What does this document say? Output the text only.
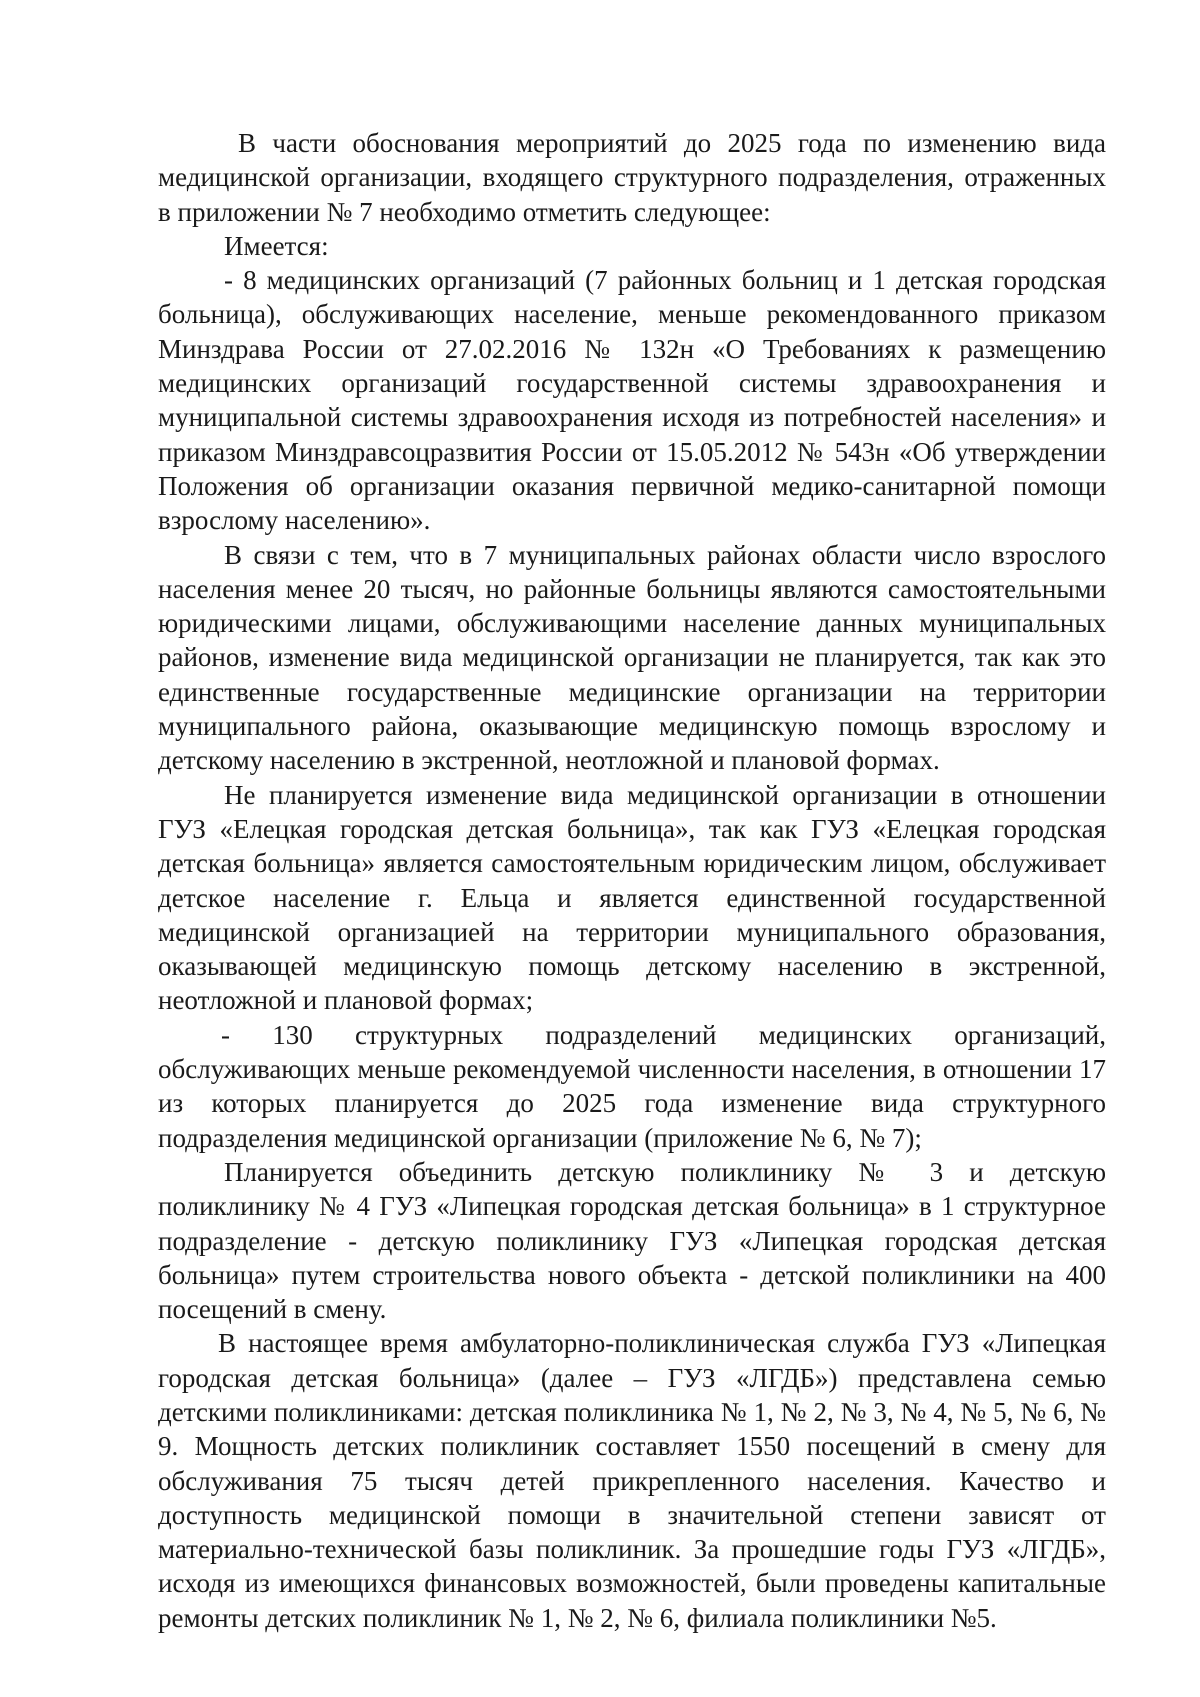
В части обоснования мероприятий до 2025 года по изменению вида медицинской организации, входящего структурного подразделения, отраженных в приложении № 7 необходимо отметить следующее:

Имеется:

- 8 медицинских организаций (7 районных больниц и 1 детская городская больница), обслуживающих население, меньше рекомендованного приказом Минздрава России от 27.02.2016 № 132н «О Требованиях к размещению медицинских организаций государственной системы здравоохранения и муниципальной системы здравоохранения исходя из потребностей населения» и приказом Минздравсоцразвития России от 15.05.2012 № 543н «Об утверждении Положения об организации оказания первичной медико-санитарной помощи взрослому населению».

В связи с тем, что в 7 муниципальных районах области число взрослого населения менее 20 тысяч, но районные больницы являются самостоятельными юридическими лицами, обслуживающими население данных муниципальных районов, изменение вида медицинской организации не планируется, так как это единственные государственные медицинские организации на территории муниципального района, оказывающие медицинскую помощь взрослому и детскому населению в экстренной, неотложной и плановой формах.

Не планируется изменение вида медицинской организации в отношении ГУЗ «Елецкая городская детская больница», так как ГУЗ «Елецкая городская детская больница» является самостоятельным юридическим лицом, обслуживает детское население г. Ельца и является единственной государственной медицинской организацией на территории муниципального образования, оказывающей медицинскую помощь детскому населению в экстренной, неотложной и плановой формах;

- 130 структурных подразделений медицинских организаций, обслуживающих меньше рекомендуемой численности населения, в отношении 17 из которых планируется до 2025 года изменение вида структурного подразделения медицинской организации (приложение № 6, № 7);

Планируется объединить детскую поликлинику № 3 и детскую поликлинику № 4 ГУЗ «Липецкая городская детская больница» в 1 структурное подразделение - детскую поликлинику ГУЗ «Липецкая городская детская больница» путем строительства нового объекта - детской поликлиники на 400 посещений в смену.

В настоящее время амбулаторно-поликлиническая служба ГУЗ «Липецкая городская детская больница» (далее – ГУЗ «ЛГДБ») представлена семью детскими поликлиниками: детская поликлиника № 1, № 2, № 3, № 4, № 5, № 6, № 9. Мощность детских поликлиник составляет 1550 посещений в смену для обслуживания 75 тысяч детей прикрепленного населения. Качество и доступность медицинской помощи в значительной степени зависят от материально-технической базы поликлиник. За прошедшие годы ГУЗ «ЛГДБ», исходя из имеющихся финансовых возможностей, были проведены капитальные ремонты детских поликлиник № 1, № 2, № 6, филиала поликлиники №5.
